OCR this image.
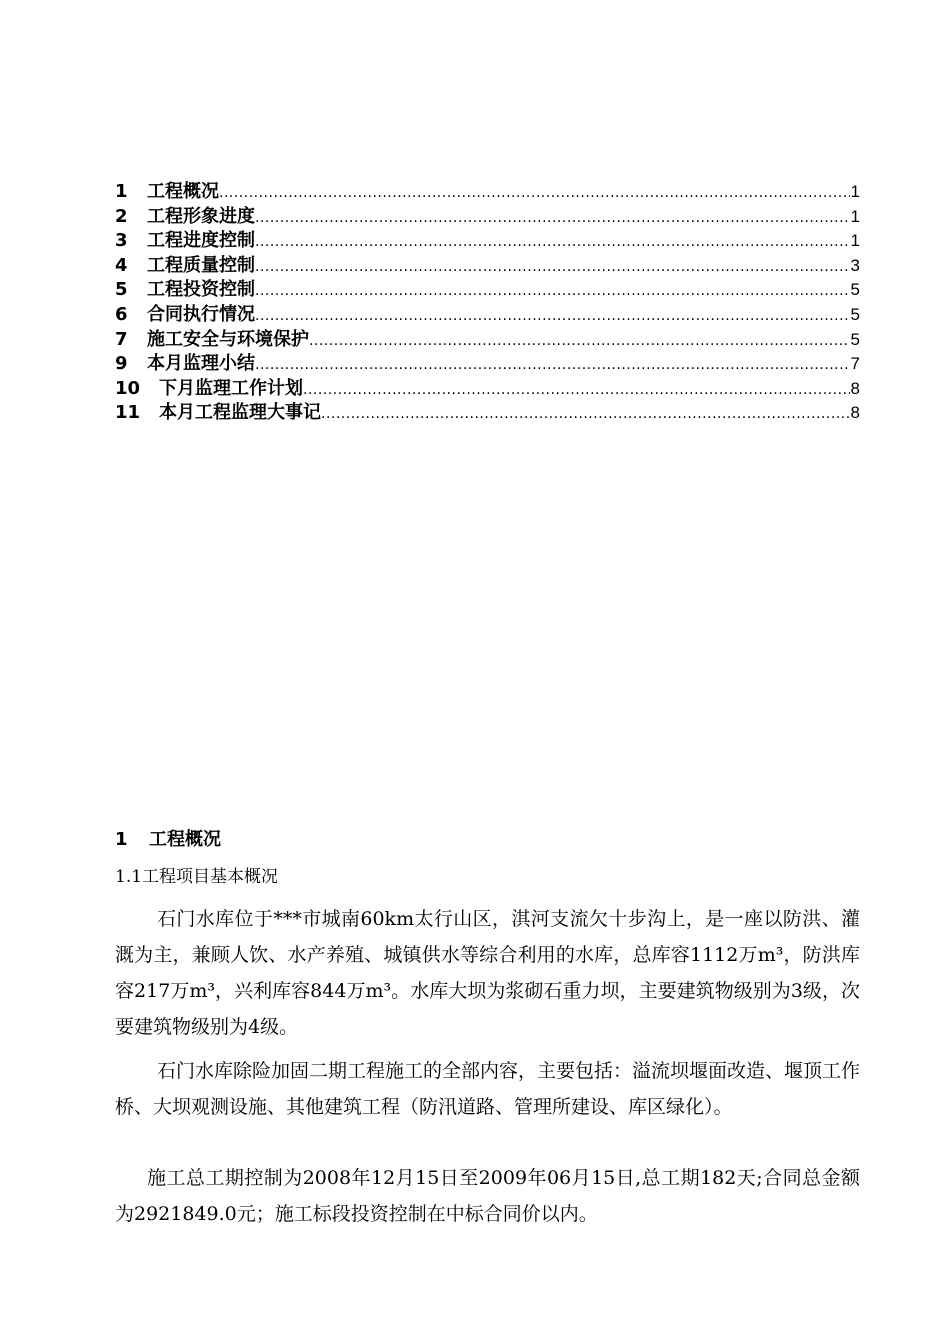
1	工程概况 .....	1
2	工程形象进度 .....	1
3	工程进度控制 .....	1
4	工程质量控制 .....	3
5	工程投资控制 .....	5
6	合同执行情况 .....	5
7	施工安全与环境保护 .....	5
9	本月监理小结 .....	7
10	下月监理工作计划 .....	8
11	本月工程监理大事记 .....	8
1 工程概况
1.1工程项目基本概况

石门水库位于***市城南60km太行山区，淇河支流欠十步沟上，是一座以防洪、灌溉为主，兼顾人饮、水产养殖、城镇供水等综合利用的水库，总库容1112万m³，防洪库容217万m³，兴利库容844万m³。水库大坝为浆砌石重力坝，主要建筑物级别为3级，次要建筑物级别为4级。

石门水库除险加固二期工程施工的全部内容，主要包括：溢流坝堰面改造、堰顶工作桥、大坝观测设施、其他建筑工程（防汛道路、管理所建设、库区绿化）。

施工总工期控制为2008年12月15日至2009年06月15日,总工期182天;合同总金额为2921849.0元；施工标段投资控制在中标合同价以内。
